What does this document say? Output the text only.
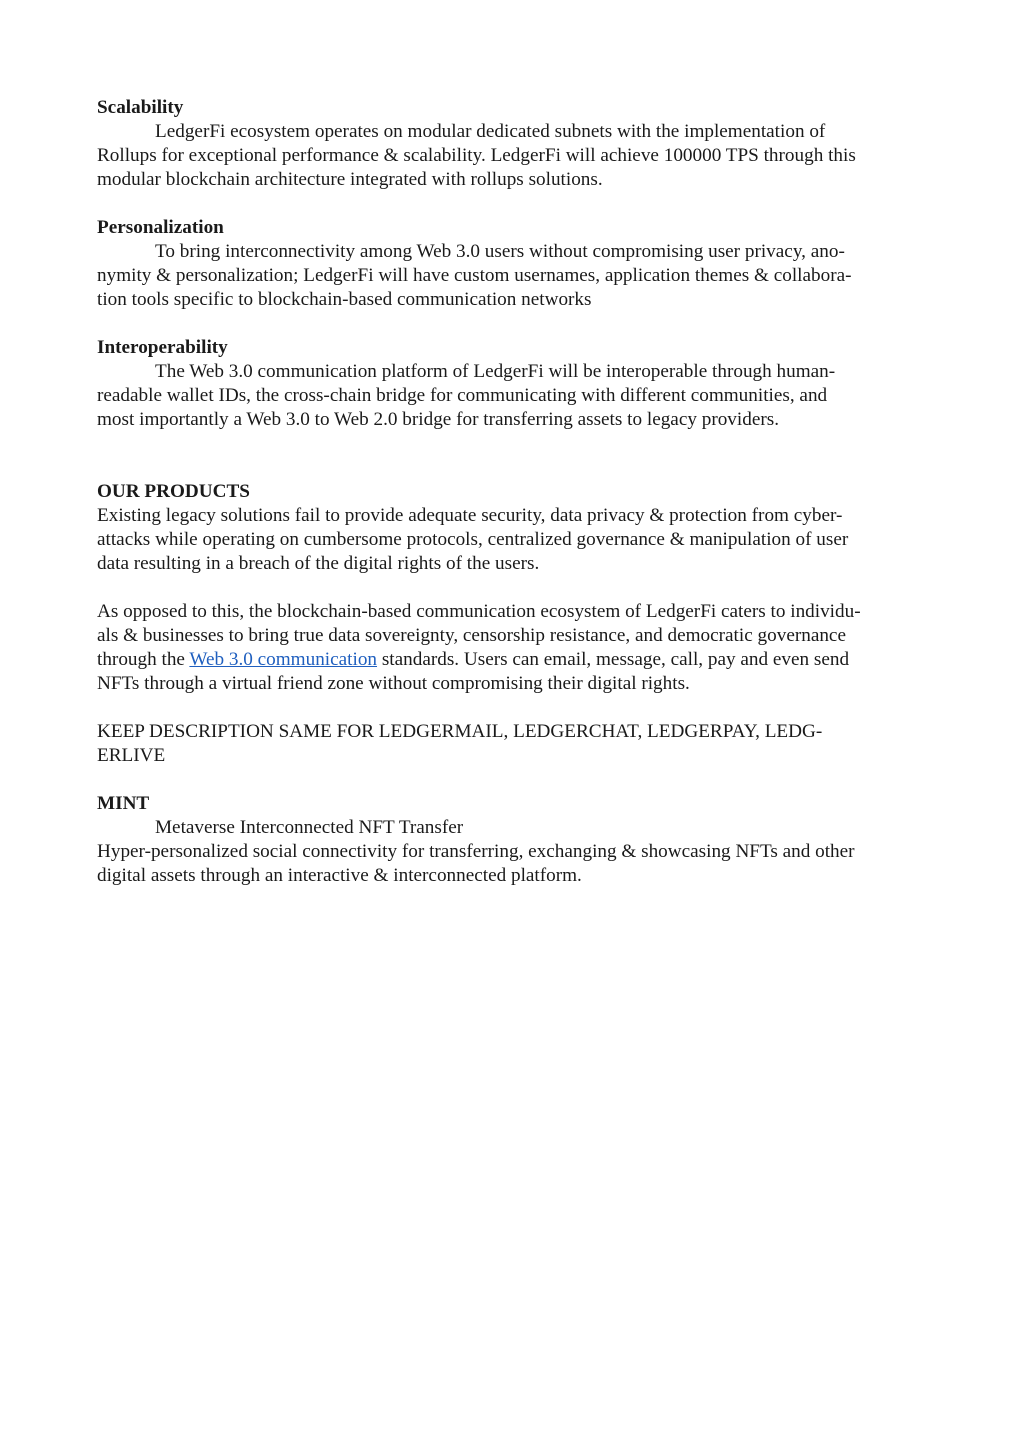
Scalability
LedgerFi ecosystem operates on modular dedicated subnets with the implementation of
Rollups for exceptional performance & scalability. LedgerFi will achieve 100000 TPS through this
modular blockchain architecture integrated with rollups solutions.
Personalization
To bring interconnectivity among Web 3.0 users without compromising user privacy, ano-
nymity & personalization; LedgerFi will have custom usernames, application themes & collabora-
tion tools specific to blockchain-based communication networks
Interoperability
The Web 3.0 communication platform of LedgerFi will be interoperable through human-
readable wallet IDs, the cross-chain bridge for communicating with different communities, and
most importantly a Web 3.0 to Web 2.0 bridge for transferring assets to legacy providers.
OUR PRODUCTS
Existing legacy solutions fail to provide adequate security, data privacy & protection from cyber-
attacks while operating on cumbersome protocols, centralized governance & manipulation of user
data resulting in a breach of the digital rights of the users.
As opposed to this, the blockchain-based communication ecosystem of LedgerFi caters to individu-
als & businesses to bring true data sovereignty, censorship resistance, and democratic governance
through the Web 3.0 communication standards. Users can email, message, call, pay and even send
NFTs through a virtual friend zone without compromising their digital rights.
KEEP DESCRIPTION SAME FOR LEDGERMAIL, LEDGERCHAT, LEDGERPAY, LEDG-
ERLIVE
MINT
Metaverse Interconnected NFT Transfer
Hyper-personalized social connectivity for transferring, exchanging & showcasing NFTs and other
digital assets through an interactive & interconnected platform.
